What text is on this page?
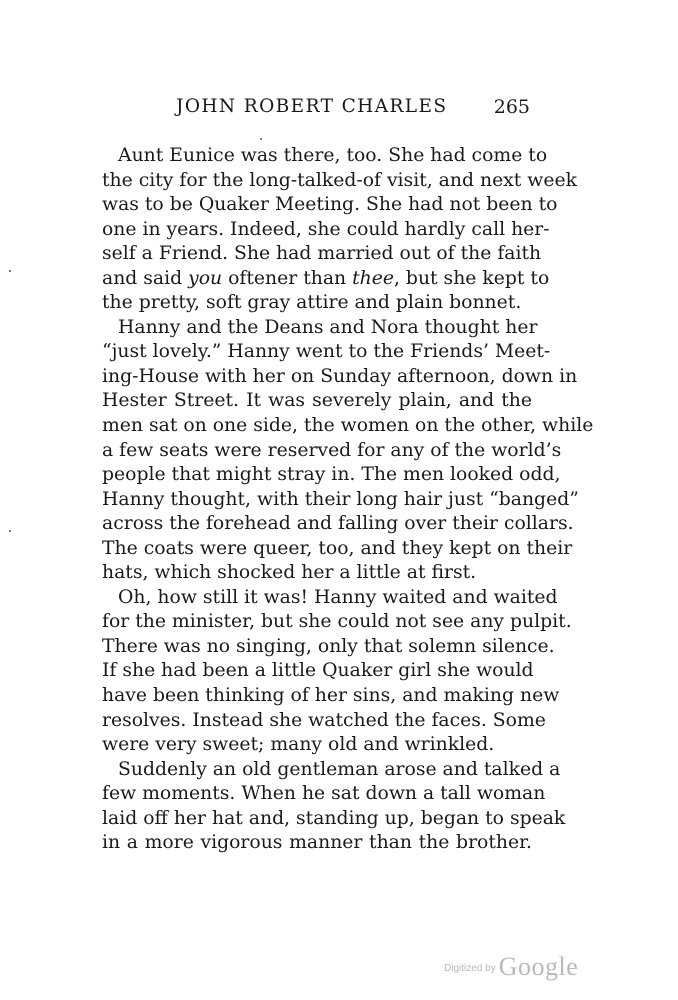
JOHN ROBERT CHARLES 265
Aunt Eunice was there, too. She had come to
the city for the long-talked-of visit, and next week
was to be Quaker Meeting. She had not been to
one in years. Indeed, she could hardly call her-
self a Friend. She had married out of the faith
and said you oftener than thee, but she kept to
the pretty, soft gray attire and plain bonnet.
Hanny and the Deans and Nora thought her
“just lovely.” Hanny went to the Friends’ Meet-
ing-House with her on Sunday afternoon, down in
Hester Street. It was severely plain, and the
men sat on one side, the women on the other, while
a few seats were reserved for any of the world’s
people that might stray in. The men looked odd,
Hanny thought, with their long hair just “banged”
across the forehead and falling over their collars.
The coats were queer, too, and they kept on their
hats, which shocked her a little at first.
Oh, how still it was! Hanny waited and waited
for the minister, but she could not see any pulpit.
There was no singing, only that solemn silence.
If she had been a little Quaker girl she would
have been thinking of her sins, and making new
resolves. Instead she watched the faces. Some
were very sweet; many old and wrinkled.
Suddenly an old gentleman arose and talked a
few moments. When he sat down a tall woman
laid off her hat and, standing up, began to speak
in a more vigorous manner than the brother.
$^{Digitized by}$ Google
